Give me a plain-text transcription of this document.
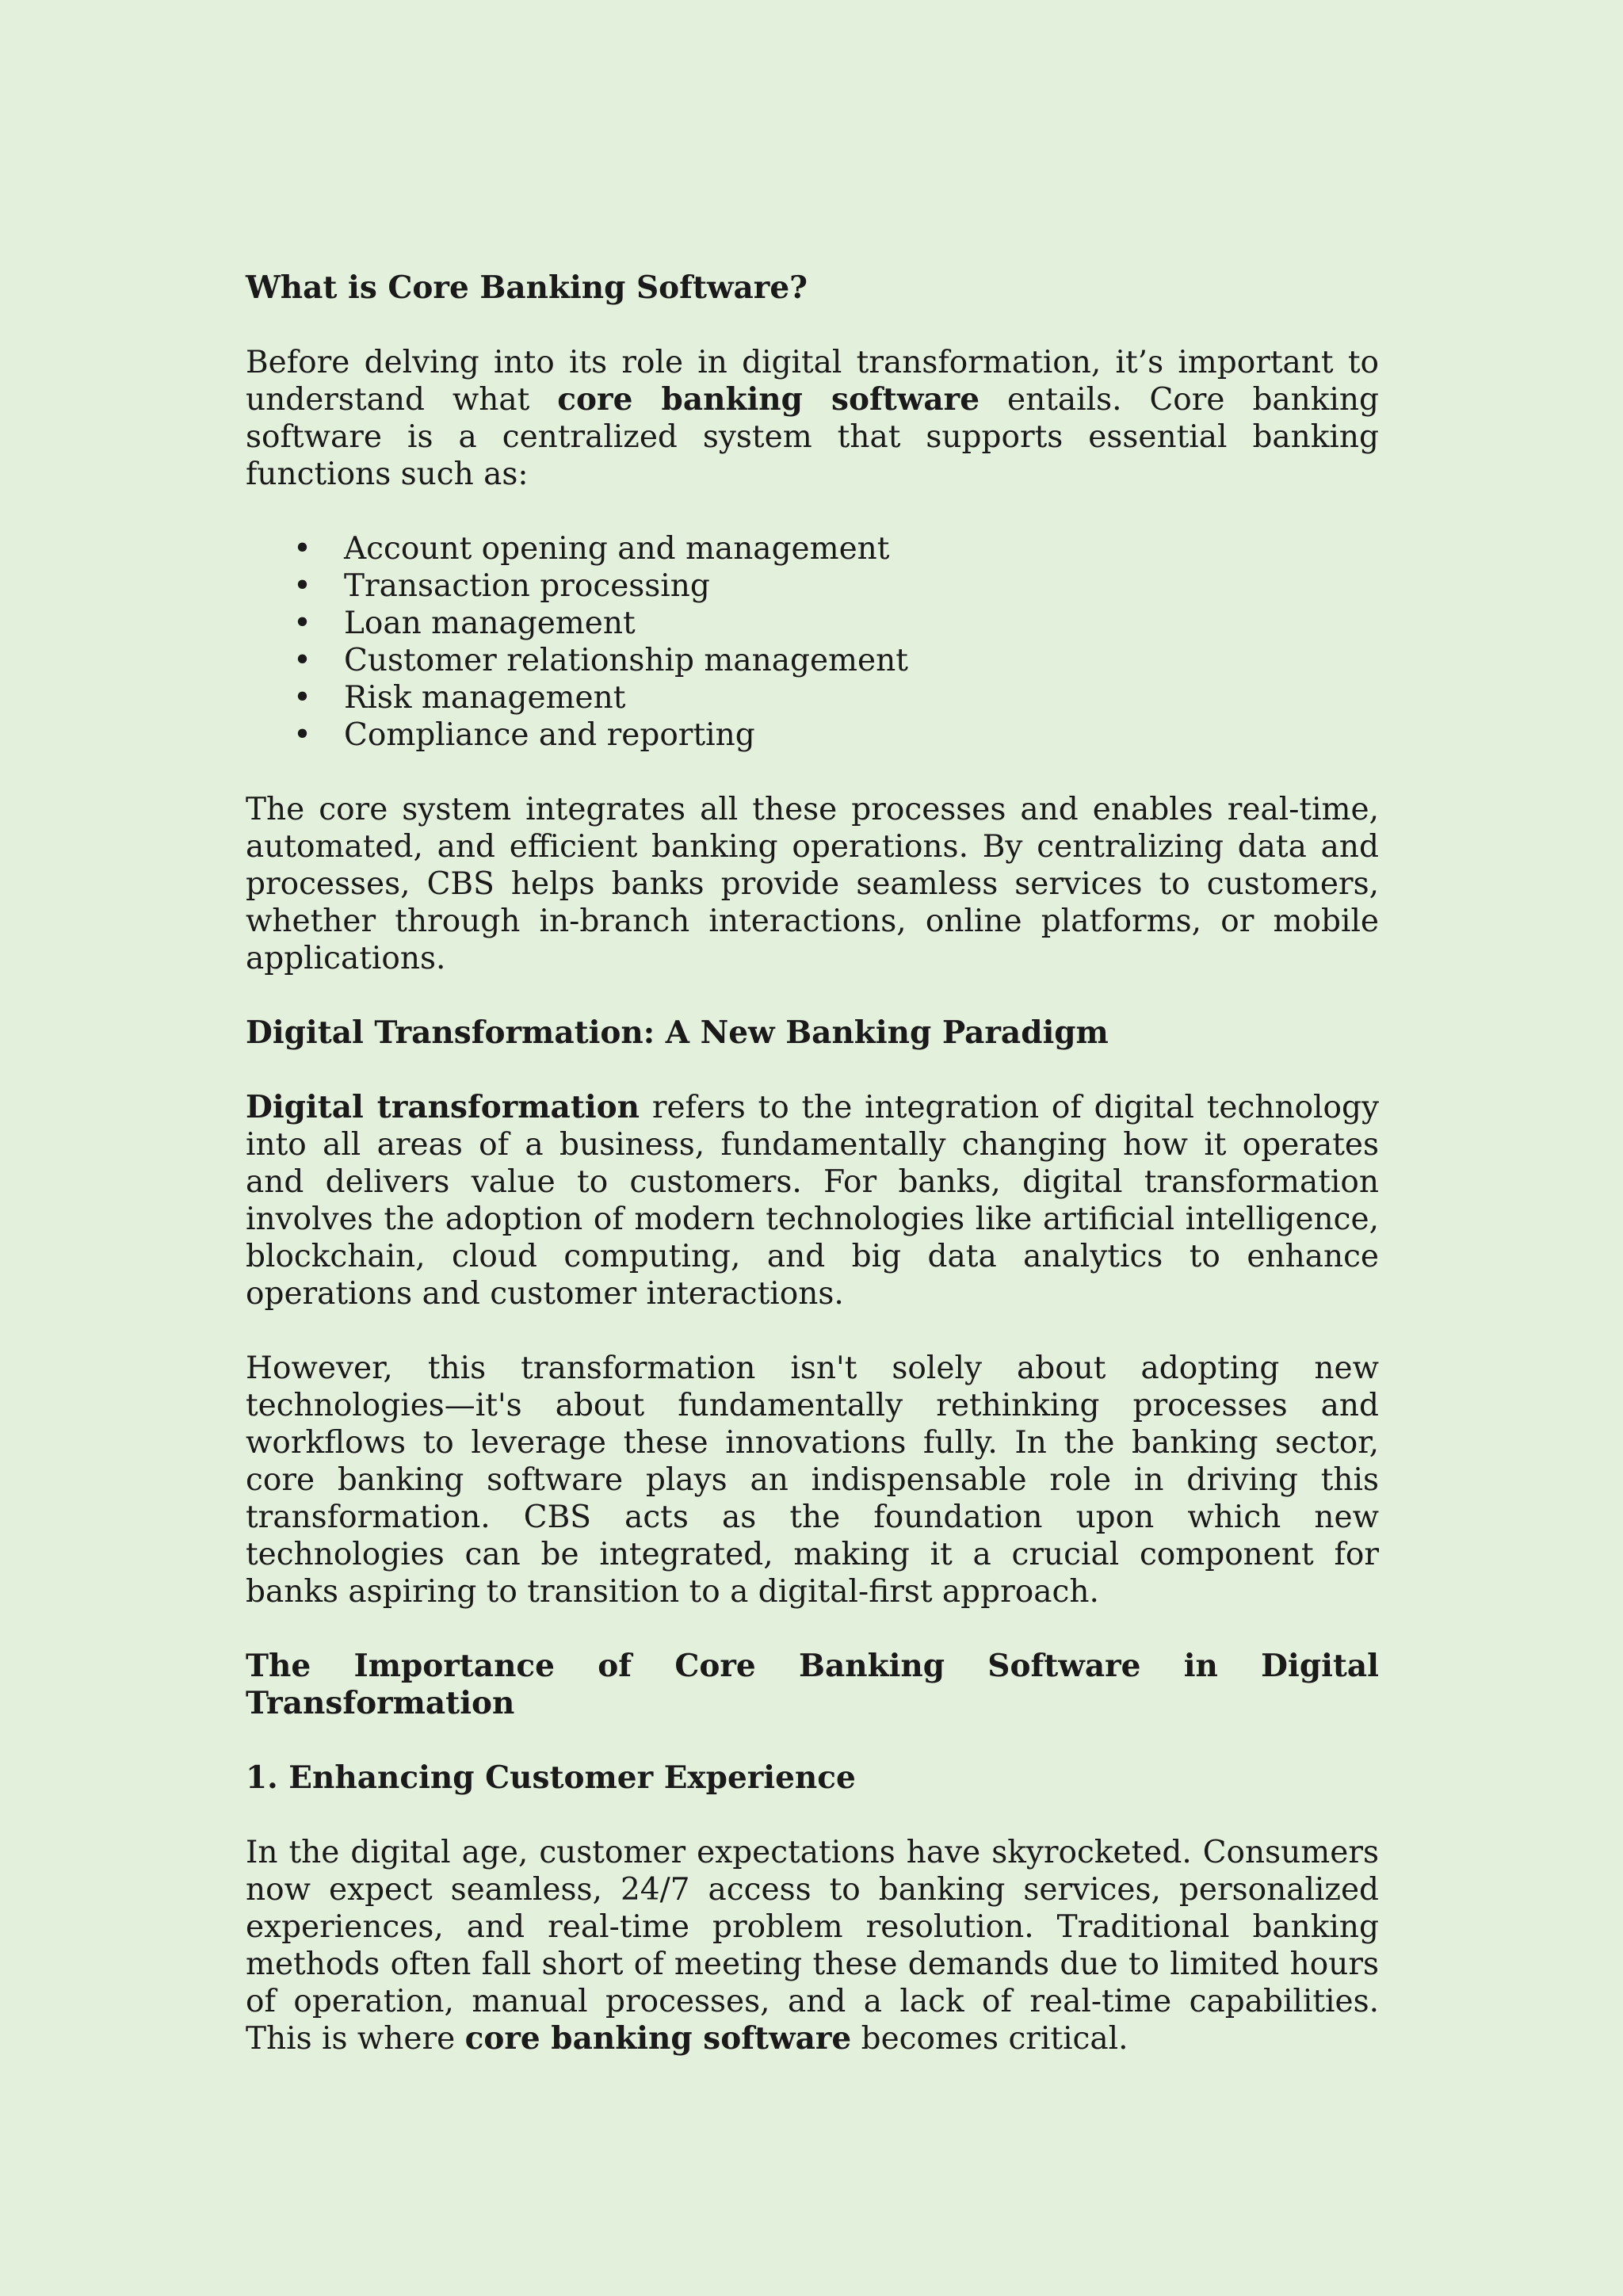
What is Core Banking Software?

Before delving into its role in digital transformation, it’s important to understand what core banking software entails. Core banking software is a centralized system that supports essential banking functions such as:

• Account opening and management
• Transaction processing
• Loan management
• Customer relationship management
• Risk management
• Compliance and reporting

The core system integrates all these processes and enables real-time, automated, and efficient banking operations. By centralizing data and processes, CBS helps banks provide seamless services to customers, whether through in-branch interactions, online platforms, or mobile applications.

Digital Transformation: A New Banking Paradigm

Digital transformation refers to the integration of digital technology into all areas of a business, fundamentally changing how it operates and delivers value to customers. For banks, digital transformation involves the adoption of modern technologies like artificial intelligence, blockchain, cloud computing, and big data analytics to enhance operations and customer interactions.

However, this transformation isn't solely about adopting new technologies—it's about fundamentally rethinking processes and workflows to leverage these innovations fully. In the banking sector, core banking software plays an indispensable role in driving this transformation. CBS acts as the foundation upon which new technologies can be integrated, making it a crucial component for banks aspiring to transition to a digital-first approach.

The Importance of Core Banking Software in Digital Transformation
1. Enhancing Customer Experience

In the digital age, customer expectations have skyrocketed. Consumers now expect seamless, 24/7 access to banking services, personalized experiences, and real-time problem resolution. Traditional banking methods often fall short of meeting these demands due to limited hours of operation, manual processes, and a lack of real-time capabilities. This is where core banking software becomes critical.
